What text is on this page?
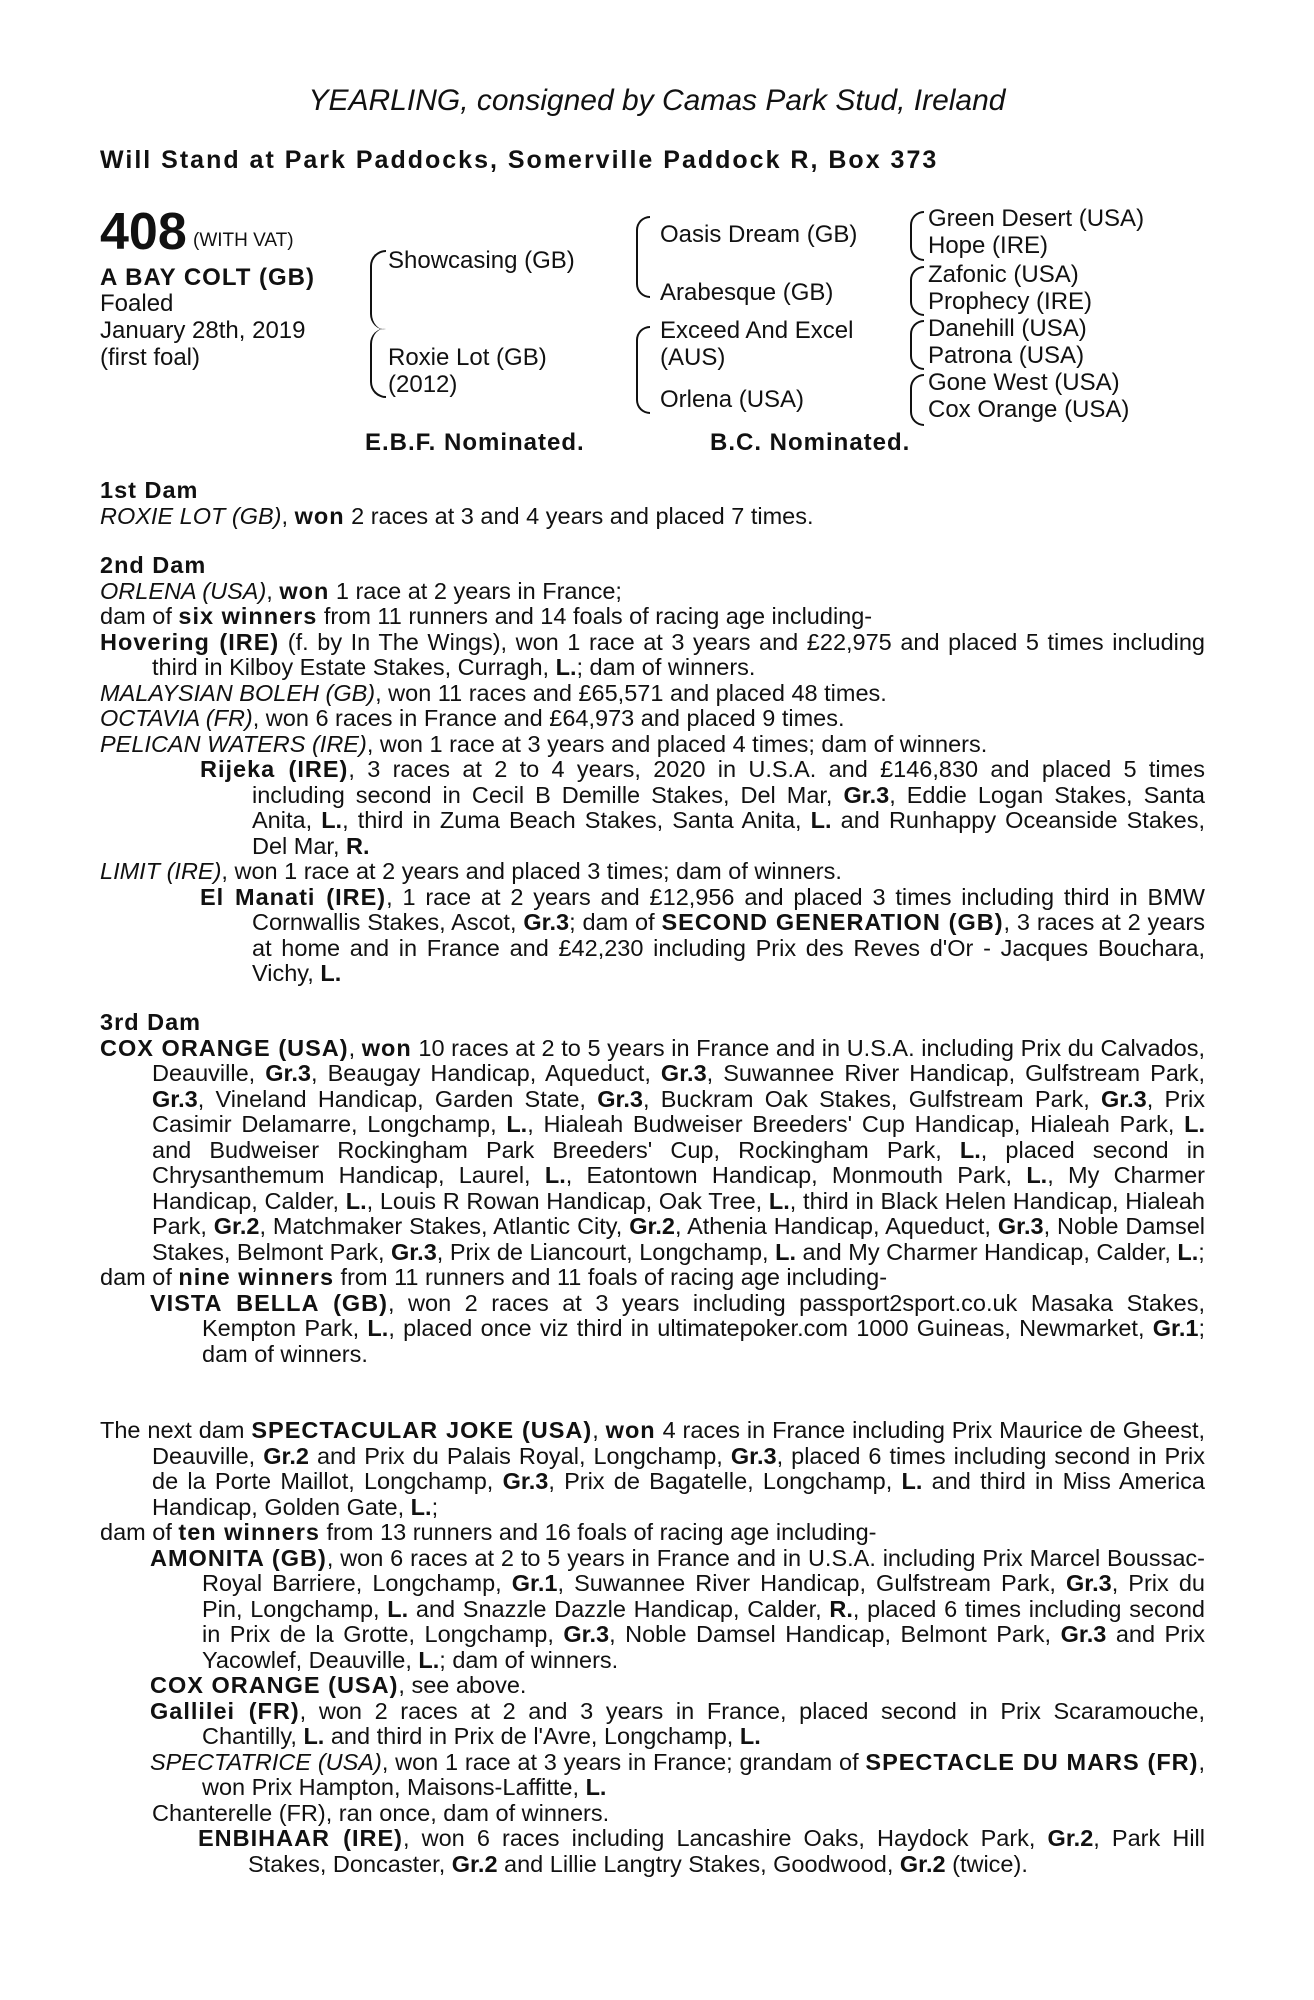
YEARLING, consigned by Camas Park Stud, Ireland
Will Stand at Park Paddocks, Somerville Paddock R, Box 373
408 (WITH VAT)
A BAY COLT (GB)
Foaled
January 28th, 2019
(first foal)
Showcasing (GB)
Roxie Lot (GB)
(2012)
Oasis Dream (GB)
Arabesque (GB)
Exceed And Excel
(AUS)
Orlena (USA)
Green Desert (USA)
Hope (IRE)
Zafonic (USA)
Prophecy (IRE)
Danehill (USA)
Patrona (USA)
Gone West (USA)
Cox Orange (USA)
E.B.F. Nominated.	B.C. Nominated.

1st Dam

ROXIE LOT (GB), won 2 races at 3 and 4 years and placed 7 times.

2nd Dam

ORLENA (USA), won 1 race at 2 years in France;

dam of six winners from 11 runners and 14 foals of racing age including-

Hovering (IRE) (f. by In The Wings), won 1 race at 3 years and £22,975 and placed 5 times including third in Kilboy Estate Stakes, Curragh, L.; dam of winners.

MALAYSIAN BOLEH (GB), won 11 races and £65,571 and placed 48 times.

OCTAVIA (FR), won 6 races in France and £64,973 and placed 9 times.

PELICAN WATERS (IRE), won 1 race at 3 years and placed 4 times; dam of winners.

Rijeka (IRE), 3 races at 2 to 4 years, 2020 in U.S.A. and £146,830 and placed 5 times including second in Cecil B Demille Stakes, Del Mar, Gr.3, Eddie Logan Stakes, Santa Anita, L., third in Zuma Beach Stakes, Santa Anita, L. and Runhappy Oceanside Stakes, Del Mar, R.

LIMIT (IRE), won 1 race at 2 years and placed 3 times; dam of winners.

El Manati (IRE), 1 race at 2 years and £12,956 and placed 3 times including third in BMW Cornwallis Stakes, Ascot, Gr.3; dam of SECOND GENERATION (GB), 3 races at 2 years at home and in France and £42,230 including Prix des Reves d'Or - Jacques Bouchara, Vichy, L.

3rd Dam

COX ORANGE (USA), won 10 races at 2 to 5 years in France and in U.S.A. including Prix du Calvados, Deauville, Gr.3, Beaugay Handicap, Aqueduct, Gr.3, Suwannee River Handicap, Gulfstream Park, Gr.3, Vineland Handicap, Garden State, Gr.3, Buckram Oak Stakes, Gulfstream Park, Gr.3, Prix Casimir Delamarre, Longchamp, L., Hialeah Budweiser Breeders' Cup Handicap, Hialeah Park, L. and Budweiser Rockingham Park Breeders' Cup, Rockingham Park, L., placed second in Chrysanthemum Handicap, Laurel, L., Eatontown Handicap, Monmouth Park, L., My Charmer Handicap, Calder, L., Louis R Rowan Handicap, Oak Tree, L., third in Black Helen Handicap, Hialeah Park, Gr.2, Matchmaker Stakes, Atlantic City, Gr.2, Athenia Handicap, Aqueduct, Gr.3, Noble Damsel Stakes, Belmont Park, Gr.3, Prix de Liancourt, Longchamp, L. and My Charmer Handicap, Calder, L.;

dam of nine winners from 11 runners and 11 foals of racing age including-

VISTA BELLA (GB), won 2 races at 3 years including passport2sport.co.uk Masaka Stakes, Kempton Park, L., placed once viz third in ultimatepoker.com 1000 Guineas, Newmarket, Gr.1; dam of winners.

The next dam SPECTACULAR JOKE (USA), won 4 races in France including Prix Maurice de Gheest, Deauville, Gr.2 and Prix du Palais Royal, Longchamp, Gr.3, placed 6 times including second in Prix de la Porte Maillot, Longchamp, Gr.3, Prix de Bagatelle, Longchamp, L. and third in Miss America Handicap, Golden Gate, L.;

dam of ten winners from 13 runners and 16 foals of racing age including-

AMONITA (GB), won 6 races at 2 to 5 years in France and in U.S.A. including Prix Marcel Boussac-Royal Barriere, Longchamp, Gr.1, Suwannee River Handicap, Gulfstream Park, Gr.3, Prix du Pin, Longchamp, L. and Snazzle Dazzle Handicap, Calder, R., placed 6 times including second in Prix de la Grotte, Longchamp, Gr.3, Noble Damsel Handicap, Belmont Park, Gr.3 and Prix Yacowlef, Deauville, L.; dam of winners.

COX ORANGE (USA), see above.

Gallilei (FR), won 2 races at 2 and 3 years in France, placed second in Prix Scaramouche, Chantilly, L. and third in Prix de l'Avre, Longchamp, L.

SPECTATRICE (USA), won 1 race at 3 years in France; grandam of SPECTACLE DU MARS (FR), won Prix Hampton, Maisons-Laffitte, L.

Chanterelle (FR), ran once, dam of winners.

ENBIHAAR (IRE), won 6 races including Lancashire Oaks, Haydock Park, Gr.2, Park Hill Stakes, Doncaster, Gr.2 and Lillie Langtry Stakes, Goodwood, Gr.2 (twice).
